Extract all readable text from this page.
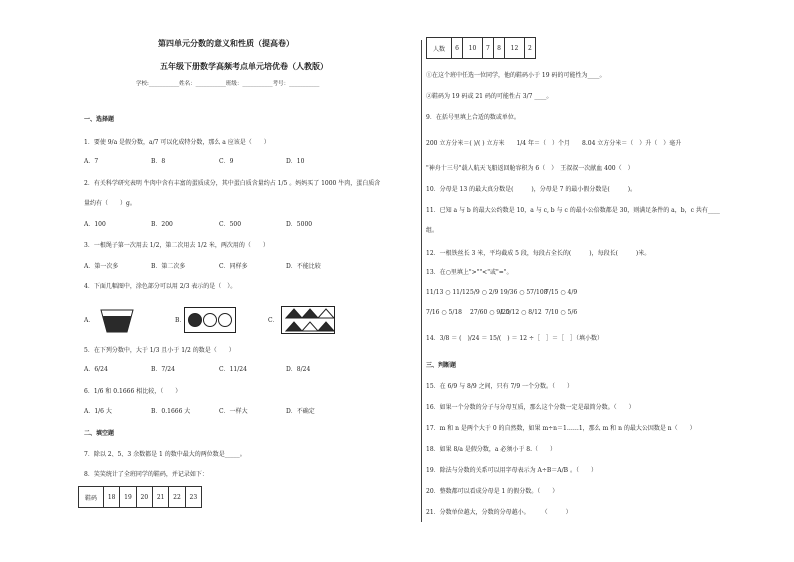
第四单元分数的意义和性质（提高卷）
五年级下册数学高频考点单元培优卷（人教版）
学校:___________姓名：___________班级：___________考号：___________
一、选择题
1．要使 9/a 是假分数，a/7 可以化成特分数，那么 a 应该是（　　）
A．7	B．8	C．9	D．10
2．有关科学研究表明 牛肉中含有丰富的蛋质成分，其中蛋白质含量约占 1/5 。妈妈买了 1000 牛肉，蛋白质含
量约有（　　）g。
A．100	B．200	C．500	D．5000
3．一根绳子第一次用去 1/2，第二次用去 1/2 米，两次用的（　　）
A．第一次多	B．第二次多	C．同样多	D．不能比较
4．下面几幅图中，涂色部分可以用 2/3 表示的是（　）。
A．	B．	C．
5．在下列分数中，大于 1/3 且小于 1/2 的数是（　　）
A．6/24	B．7/24	C．11/24	D．8/24
6．1/6 和 0.1666 相比较，（　　）
A．1/6 大	B．0.1666 大	C．一样大	D．不确定
二、填空题
7．除以 2、5、3 余数都是 1 的数中最大的两位数是_____。
8．笑笑统计了全班同学的鞋码，并记录如下：
鞋码	18	19	20	21	22	23
人数	6	10	7	8	12	2
①在这个班中任选一位同学，他的鞋码小于 19 码的可能性为____。
②鞋码为 19 码或 21 码的可能性占 3/7 ____。
9．在括号里填上合适的数或单位。
200 立方分米＝( )/( ) 立方米　　1/4 年＝（　）个月　　8.04 立方分米＝（　）升（　）毫升
"神舟十三号"载人航天飞船返回舱容积为 6（　）　王叔叔一次献血 400（　）
10．分母是 13 的最大真分数是(　　　)，分母是 7 的最小假分数是(　　　)。
11．已知 a 与 b 的最大公约数是 10，a 与 c, b 与 c 的最小公倍数都是 30，则满足条件的 a，b，c 共有____
组。
12．一根铁丝长 3 米，平均截成 5 段，每段占全长的(　　　)，每段长(　　　)米。
13．在○里填上">""<"或"="。
11/13 ○ 11/12 5/9 ○ 2/9 19/36 ○ 57/108
7/15 ○ 4/9
7/16 ○ 5/18 27/60 ○ 9/20
1 5/12 ○ 8/12 7/10 ○ 5/6
14．3/8 ＝ (　)/24 ＝ 15/(　) ＝ 12 ÷［　］＝［　］（填小数）
三、判断题
15．在 6/9 与 8/9 之间，只有 7/9 一个分数。（　　）
16．如果一个分数的分子与分母互质，那么这个分数一定是最简分数。（　　）
17．m 和 n 是两个大于 0 的自然数，如果 m÷n＝1……1，那么 m 和 n 的最大公因数是 n（　　）
18．如果 8/a 是假分数，a 必须小于 8.（　　）
19．除法与分数的关系可以用字母表示为 A÷B＝A/B 。（　　）
20．整数都可以看成分母是 1 的假分数。（　　）
21．分数单位越大，分数的分母越小。　　　（　　　）
